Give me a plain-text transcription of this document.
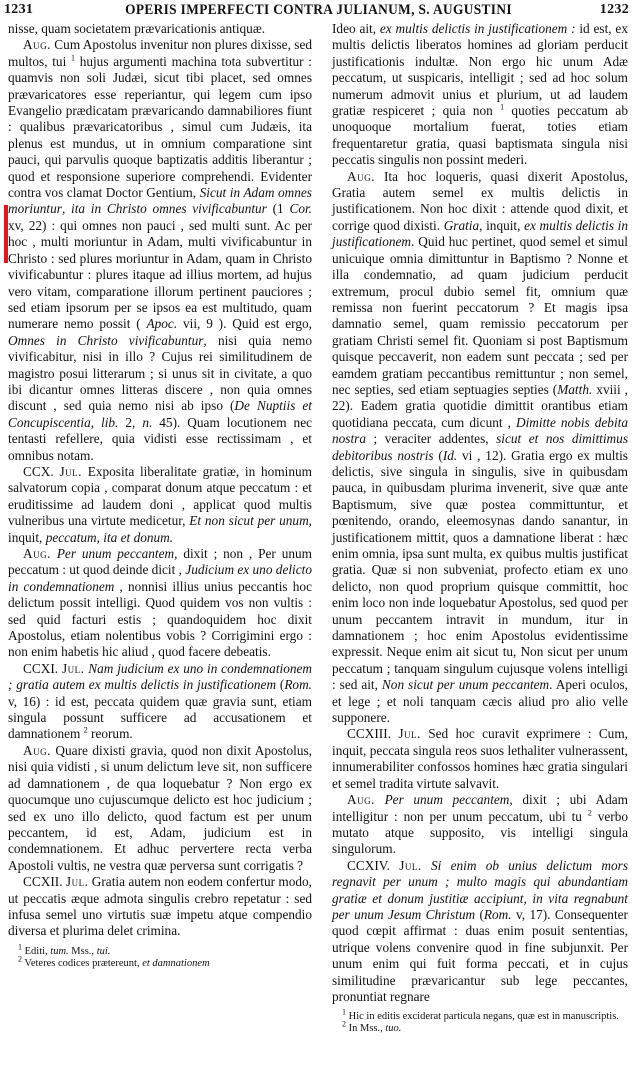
1231	OPERIS IMPERFECTI CONTRA JULIANUM, S. AUGUSTINI	1232

nisse, quam societatem prævaricationis antiquæ.

Aug. Cum Apostolus invenitur non plures dixisse, sed multos, tui $^1$ hujus argumenti machina tota subvertitur : quamvis non soli Judæi, sicut tibi placet, sed omnes prævaricatores esse reperiantur, qui legem cum ipso Evangelio prædicatam prævaricando damnabiliores fiunt : qualibus prævaricatoribus , simul cum Judæis, ita plenus est mundus, ut in omnium comparatione sint pauci, qui parvulis quoque baptizatis additis liberantur ; quod et responsione superiore comprehendi. Evidenter contra vos clamat Doctor Gentium, Sicut in Adam omnes moriuntur, ita in Christo omnes vivificabuntur (1 Cor. xv, 22) : qui omnes non pauci , sed multi sunt. Ac per hoc , multi moriuntur in Adam, multi vivificabuntur in Christo : sed plures moriuntur in Adam, quam in Christo vivificabuntur : plures itaque ad illius mortem, ad hujus vero vitam, comparatione illorum pertinent pauciores ; sed etiam ipsorum per se ipsos ea est multitudo, quam numerare nemo possit ( Apoc. vii, 9 ). Quid est ergo, Omnes in Christo vivificabuntur, nisi quia nemo vivificabitur, nisi in illo ? Cujus rei similitudinem de magistro posui litterarum ; si unus sit in civitate, a quo ibi dicantur omnes litteras discere , non quia omnes discunt , sed quia nemo nisi ab ipso (De Nuptiis et Concupiscentia, lib. 2, n. 45). Quam locutionem nec tentasti refellere, quia vidisti esse rectissimam , et omnibus notam.

CCX. Jul. Exposita liberalitate gratiæ, in hominum salvatorum copia , comparat donum atque peccatum : et eruditissime ad laudem doni , applicat quod multis vulneribus una virtute medicetur, Et non sicut per unum, inquit, peccatum, ita et donum.

Aug. Per unum peccantem, dixit ; non , Per unum peccatum : ut quod deinde dicit , Judicium ex uno delicto in condemnationem , nonnisi illius unius peccantis hoc delictum possit intelligi. Quod quidem vos non vultis : sed quid facturi estis ; quandoquidem hoc dixit Apostolus, etiam nolentibus vobis ? Corrigimini ergo : non enim habetis hic aliud , quod facere debeatis.

CCXI. Jul. Nam judicium ex uno in condemnationem ; gratia autem ex multis delictis in justificationem (Rom. v, 16) : id est, peccata quidem quæ gravia sunt, etiam singula possunt sufficere ad accusationem et damnationem $^2$ reorum.

Aug. Quare dixisti gravia, quod non dixit Apostolus, nisi quia vidisti , si unum delictum leve sit, non sufficere ad damnationem , de qua loquebatur ? Non ergo ex quocumque uno cujuscumque delicto est hoc judicium ; sed ex uno illo delicto, quod factum est per unum peccantem, id est, Adam, judicium est in condemnationem. Et adhuc pervertere recta verba Apostoli vultis, ne vestra quæ perversa sunt corrigatis ?

CCXII. Jul. Gratia autem non eodem confertur modo, ut peccatis æque admota singulis crebro repetatur : sed infusa semel uno virtutis suæ impetu atque compendio diversa et plurima delet crimina.

$^1$ Editi, tum. Mss., tui.

$^2$ Veteres codices prætereunt, et damnationem

Ideo ait, ex multis delictis in justificationem : id est, ex multis delictis liberatos homines ad gloriam perducit justificationis indultæ. Non ergo hic unum Adæ peccatum, ut suspicaris, intelligit ; sed ad hoc solum numerum admovit unius et plurium, ut ad laudem gratiæ respiceret ; quia non $^1$ quoties peccatum ab unoquoque mortalium fuerat, toties etiam frequentaretur gratia, quasi baptismata singula nisi peccatis singulis non possint mederi.

Aug. Ita hoc loqueris, quasi dixerit Apostolus, Gratia autem semel ex multis delictis in justificationem. Non hoc dixit : attende quod dixit, et corrige quod dixisti. Gratia, inquit, ex multis delictis in justificationem. Quid huc pertinet, quod semel et simul unicuique omnia dimittuntur in Baptismo ? Nonne et illa condemnatio, ad quam judicium perducit extremum, procul dubio semel fit, omnium quæ remissa non fuerint peccatorum ? Et magis ipsa damnatio semel, quam remissio peccatorum per gratiam Christi semel fit. Quoniam si post Baptismum quisque peccaverit, non eadem sunt peccata ; sed per eamdem gratiam peccantibus remittuntur ; non semel, nec septies, sed etiam septuagies septies (Matth. xviii , 22). Eadem gratia quotidie dimittit orantibus etiam quotidiana peccata, cum dicunt , Dimitte nobis debita nostra ; veraciter addentes, sicut et nos dimittimus debitoribus nostris (Id. vi , 12). Gratia ergo ex multis delictis, sive singula in singulis, sive in quibusdam pauca, in quibusdam plurima invenerit, sive quæ ante Baptismum, sive quæ postea committuntur, et pœnitendo, orando, eleemosynas dando sanantur, in justificationem mittit, quos a damnatione liberat : hæc enim omnia, ipsa sunt multa, ex quibus multis justificat gratia. Quæ si non subveniat, profecto etiam ex uno delicto, non quod proprium quisque committit, hoc enim loco non inde loquebatur Apostolus, sed quod per unum peccantem intravit in mundum, itur in damnationem ; hoc enim Apostolus evidentissime expressit. Neque enim ait sicut tu, Non sicut per unum peccatum ; tanquam singulum cujusque volens intelligi : sed ait, Non sicut per unum peccantem. Aperi oculos, et lege ; et noli tanquam cæcis aliud pro alio velle supponere.

CCXIII. Jul. Sed hoc curavit exprimere : Cum, inquit, peccata singula reos suos lethaliter vulnerassent, innumerabiliter confossos homines hæc gratia singulari et semel tradita virtute salvavit.

Aug. Per unum peccantem, dixit ; ubi Adam intelligitur : non per unum peccatum, ubi tu $^2$ verbo mutato atque supposito, vis intelligi singula singulorum.

CCXIV. Jul. Si enim ob unius delictum mors regnavit per unum ; multo magis qui abundantiam gratiæ et donum justitiæ accipiunt, in vita regnabunt per unum Jesum Christum (Rom. v, 17). Consequenter quod cœpit affirmat : duas enim posuit sententias, utrique volens convenire quod in fine subjunxit. Per unum enim qui fuit forma peccati, et in cujus similitudine prævaricantur sub lege peccantes, pronuntiat regnare

$^1$ Hic in editis exciderat particula negans, quæ est in manuscriptis.

$^2$ In Mss., tuo.
